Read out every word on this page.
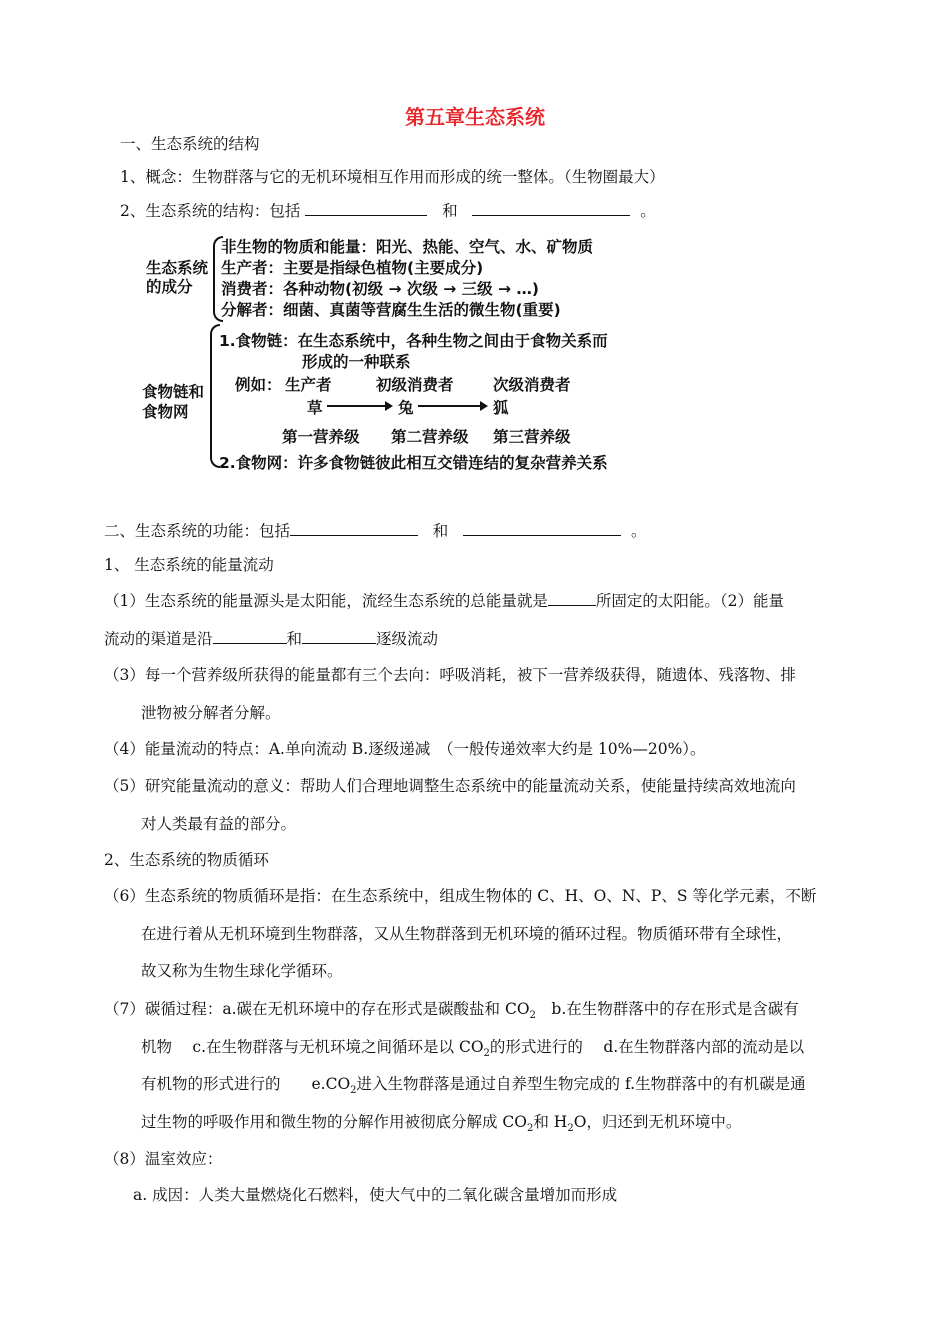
第五章生态系统
一、生态系统的结构
1、概念：生物群落与它的无机环境相互作用而形成的统一整体。（生物圈最大）
2、生态系统的结构：包括	和	。
生态系统
的成分
非生物的物质和能量：阳光、热能、空气、水、矿物质
生产者：主要是指绿色植物(主要成分)
消费者：各种动物(初级 → 次级 → 三级 → …)
分解者：细菌、真菌等营腐生生活的微生物(重要)
食物链和
食物网
1.食物链：在生态系统中，各种生物之间由于食物关系而
形成的一种联系
例如： 生产者	初级消费者	次级消费者
草	兔	狐
第一营养级 第二营养级 第三营养级
2.食物网：许多食物链彼此相互交错连结的复杂营养关系
二、生态系统的功能：包括	和	。
1、 生态系统的能量流动
（1）生态系统的能量源头是太阳能，流经生态系统的总能量就是	所固定的太阳能。（2）能量
流动的渠道是沿	和	逐级流动
（3）每一个营养级所获得的能量都有三个去向：呼吸消耗，被下一营养级获得，随遗体、残落物、排
泄物被分解者分解。
（4）能量流动的特点：A.单向流动 B.逐级递减　（一般传递效率大约是 10%—20%）。
（5）研究能量流动的意义：帮助人们合理地调整生态系统中的能量流动关系，使能量持续高效地流向
对人类最有益的部分。
2、生态系统的物质循环
（6）生态系统的物质循环是指：在生态系统中，组成生物体的 C、H、O、N、P、S 等化学元素，不断
在进行着从无机环境到生物群落，又从生物群落到无机环境的循环过程。物质循环带有全球性，
故又称为生物生球化学循环。
（7）碳循过程：a.碳在无机环境中的存在形式是碳酸盐和 $CO_2$　b.在生物群落中的存在形式是含碳有
机物　 c.在生物群落与无机环境之间循环是以 $CO_2$的形式进行的　 d.在生物群落内部的流动是以
有机物的形式进行的　　$e.CO_2$进入生物群落是通过自养型生物完成的 f.生物群落中的有机碳是通
过生物的呼吸作用和微生物的分解作用被彻底分解成 $CO_2$和 $H_2O$，归还到无机环境中。
（8）温室效应：
a. 成因：人类大量燃烧化石燃料，使大气中的二氧化碳含量增加而形成
